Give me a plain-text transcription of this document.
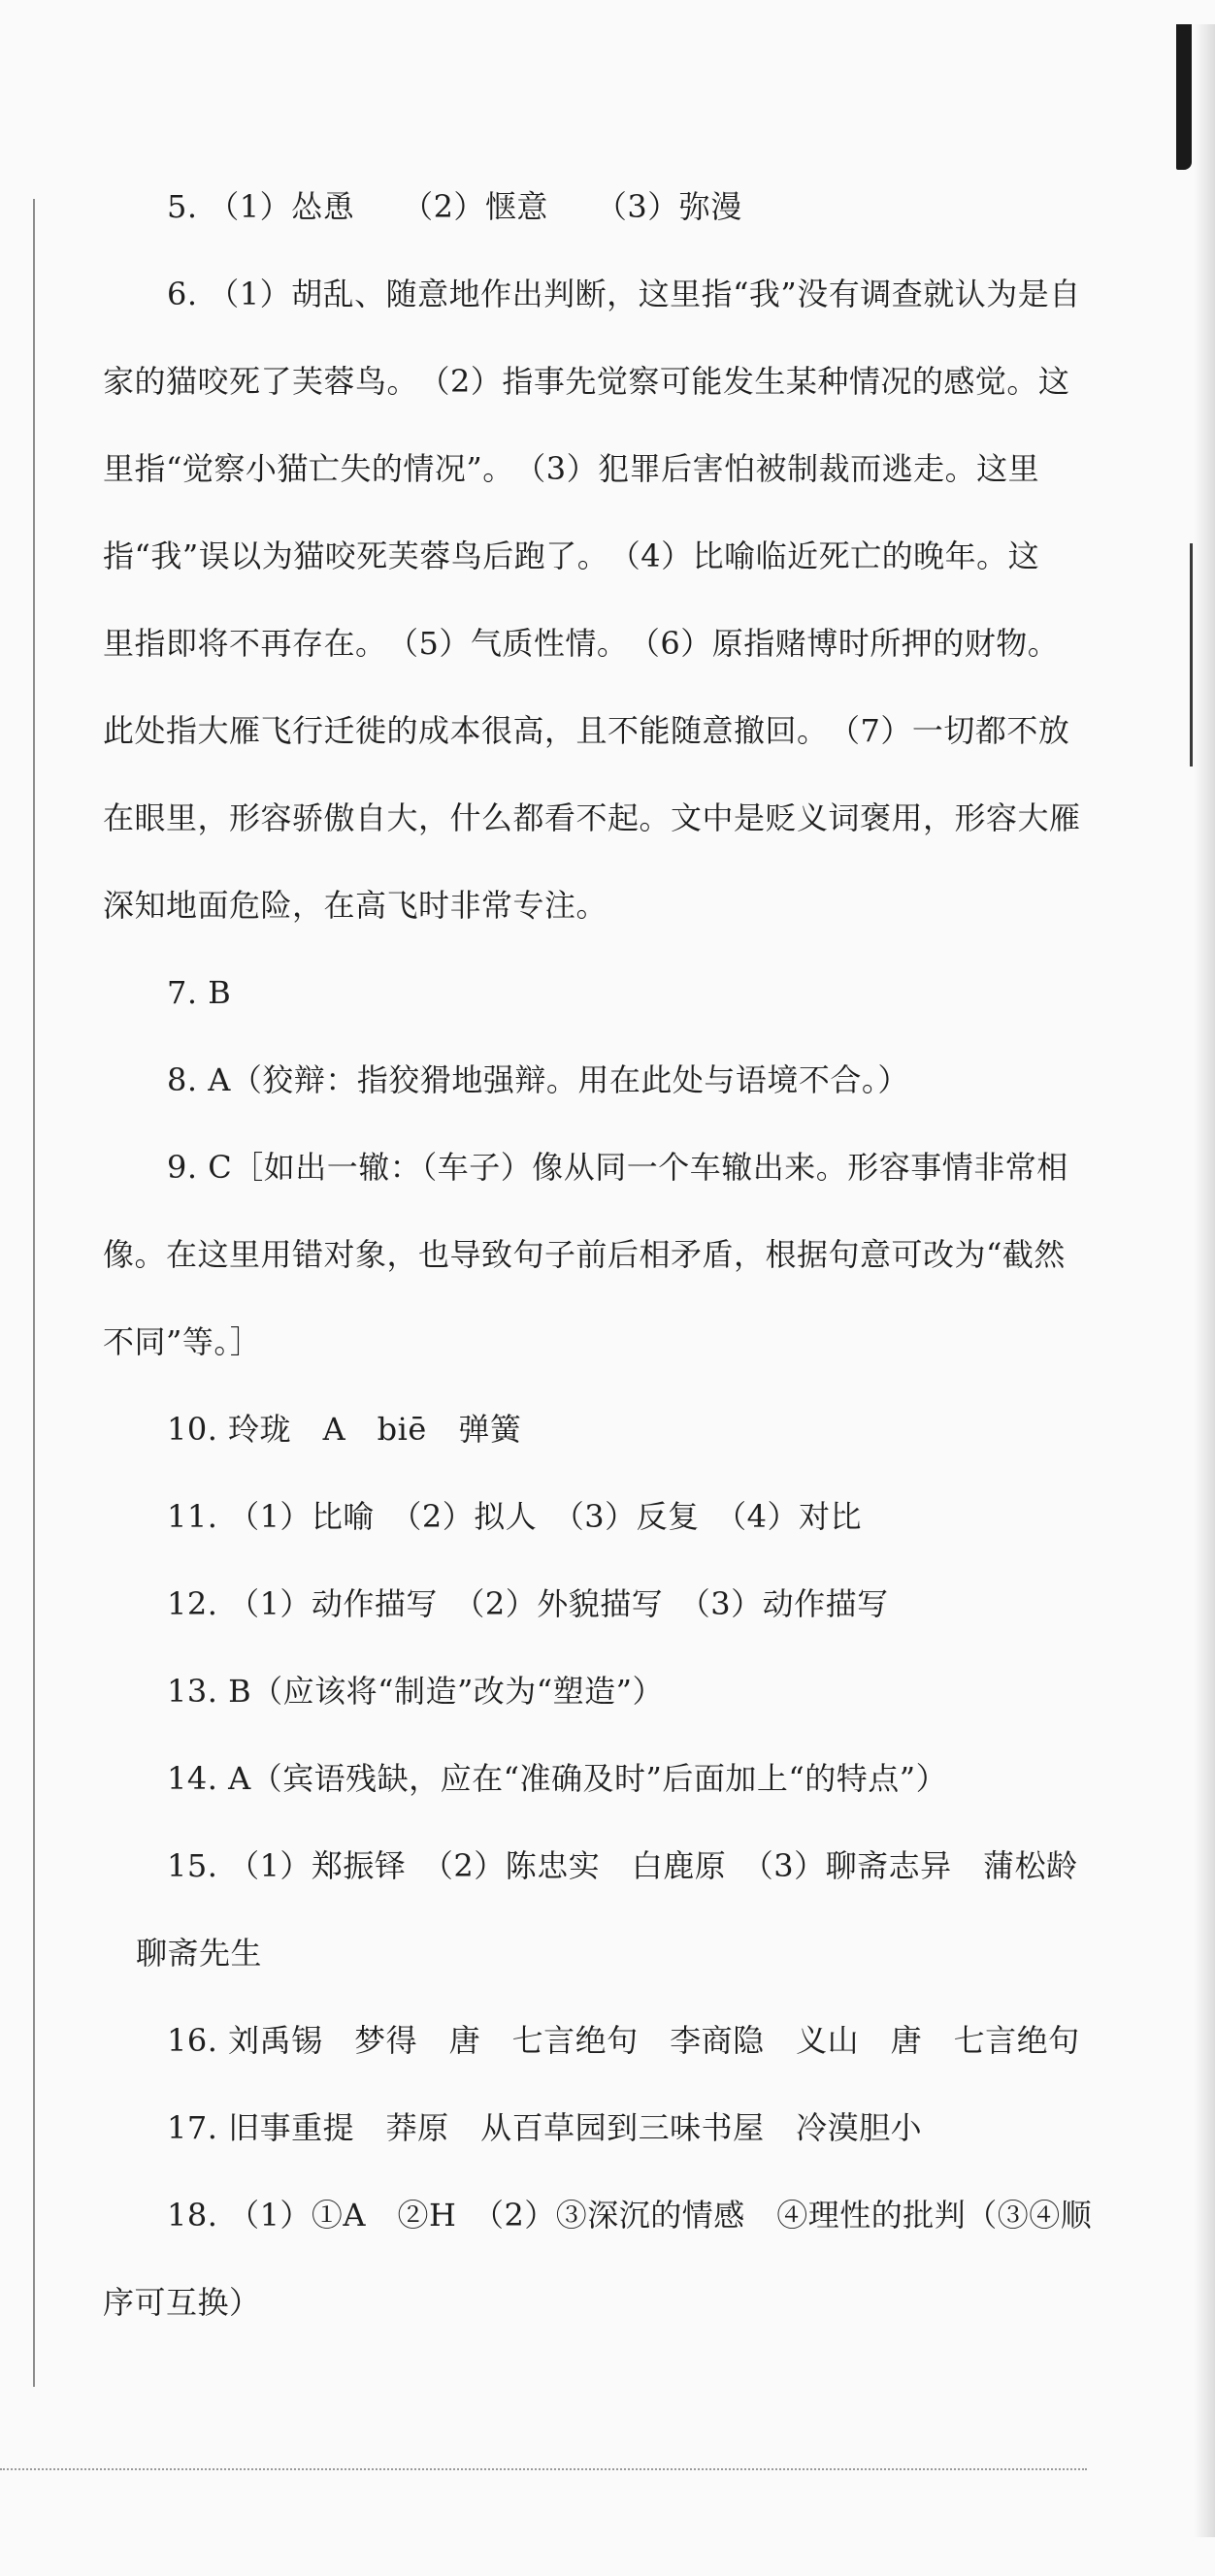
5. （1）怂恿　　（2）惬意　　（3）弥漫
6. （1）胡乱、随意地作出判断，这里指“我”没有调查就认为是自
家的猫咬死了芙蓉鸟。　（2）指事先觉察可能发生某种情况的感觉。这
里指“觉察小猫亡失的情况”。　（3）犯罪后害怕被制裁而逃走。这里
指“我”误以为猫咬死芙蓉鸟后跑了。　（4）比喻临近死亡的晚年。这
里指即将不再存在。　（5）气质性情。　（6）原指赌博时所押的财物。
此处指大雁飞行迁徙的成本很高，且不能随意撤回。　（7）一切都不放
在眼里，形容骄傲自大，什么都看不起。文中是贬义词褒用，形容大雁
深知地面危险，在高飞时非常专注。
7. B
8. A（狡辩：指狡猾地强辩。用在此处与语境不合。）
9. C［如出一辙：（车子）像从同一个车辙出来。形容事情非常相
像。在这里用错对象，也导致句子前后相矛盾，根据句意可改为“截然
不同”等。］
10. 玲珑　A　biē　弹簧
11. （1）比喻　（2）拟人　（3）反复　（4）对比
12. （1）动作描写　（2）外貌描写　（3）动作描写
13. B（应该将“制造”改为“塑造”）
14. A（宾语残缺，应在“准确及时”后面加上“的特点”）
15. （1）郑振铎　（2）陈忠实　白鹿原　（3）聊斋志异　蒲松龄
聊斋先生
16. 刘禹锡　梦得　唐　七言绝句　李商隐　义山　唐　七言绝句
17. 旧事重提　莽原　从百草园到三味书屋　冷漠胆小
18. （1）①A　②H　（2）③深沉的情感　④理性的批判（③④顺
序可互换）
